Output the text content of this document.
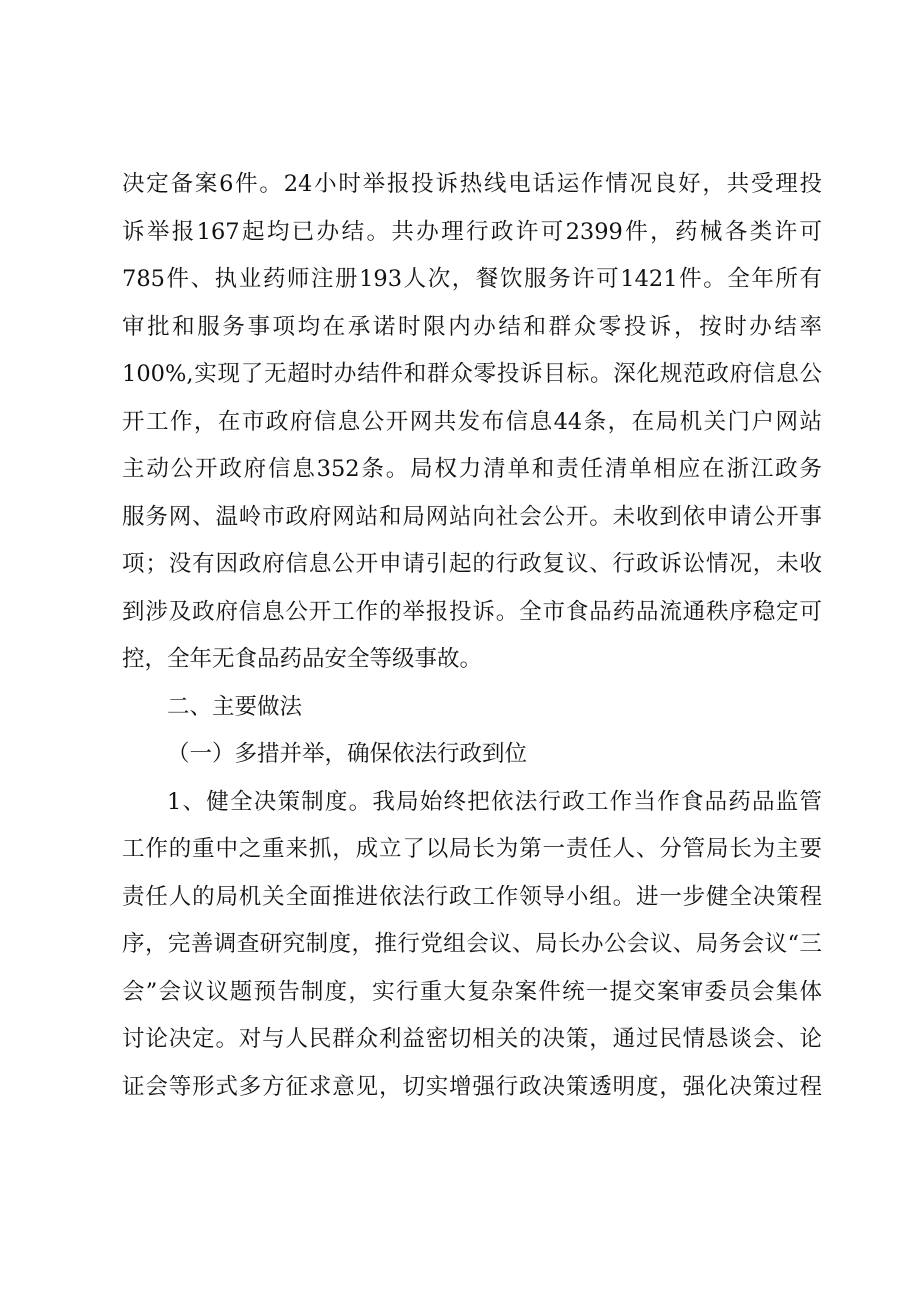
决定备案6件。24小时举报投诉热线电话运作情况良好，共受理投
诉举报167起均已办结。共办理行政许可2399件，药械各类许可
785件、执业药师注册193人次，餐饮服务许可1421件。全年所有
审批和服务事项均在承诺时限内办结和群众零投诉，按时办结率
100%,实现了无超时办结件和群众零投诉目标。深化规范政府信息公
开工作，在市政府信息公开网共发布信息44条，在局机关门户网站
主动公开政府信息352条。局权力清单和责任清单相应在浙江政务
服务网、温岭市政府网站和局网站向社会公开。未收到依申请公开事
项；没有因政府信息公开申请引起的行政复议、行政诉讼情况，未收
到涉及政府信息公开工作的举报投诉。全市食品药品流通秩序稳定可
控，全年无食品药品安全等级事故。
二、主要做法
（一）多措并举，确保依法行政到位
1、健全决策制度。我局始终把依法行政工作当作食品药品监管
工作的重中之重来抓，成立了以局长为第一责任人、分管局长为主要
责任人的局机关全面推进依法行政工作领导小组。进一步健全决策程
序，完善调查研究制度，推行党组会议、局长办公会议、局务会议“三
会”会议议题预告制度，实行重大复杂案件统一提交案审委员会集体
讨论决定。对与人民群众利益密切相关的决策，通过民情恳谈会、论
证会等形式多方征求意见，切实增强行政决策透明度，强化决策过程
